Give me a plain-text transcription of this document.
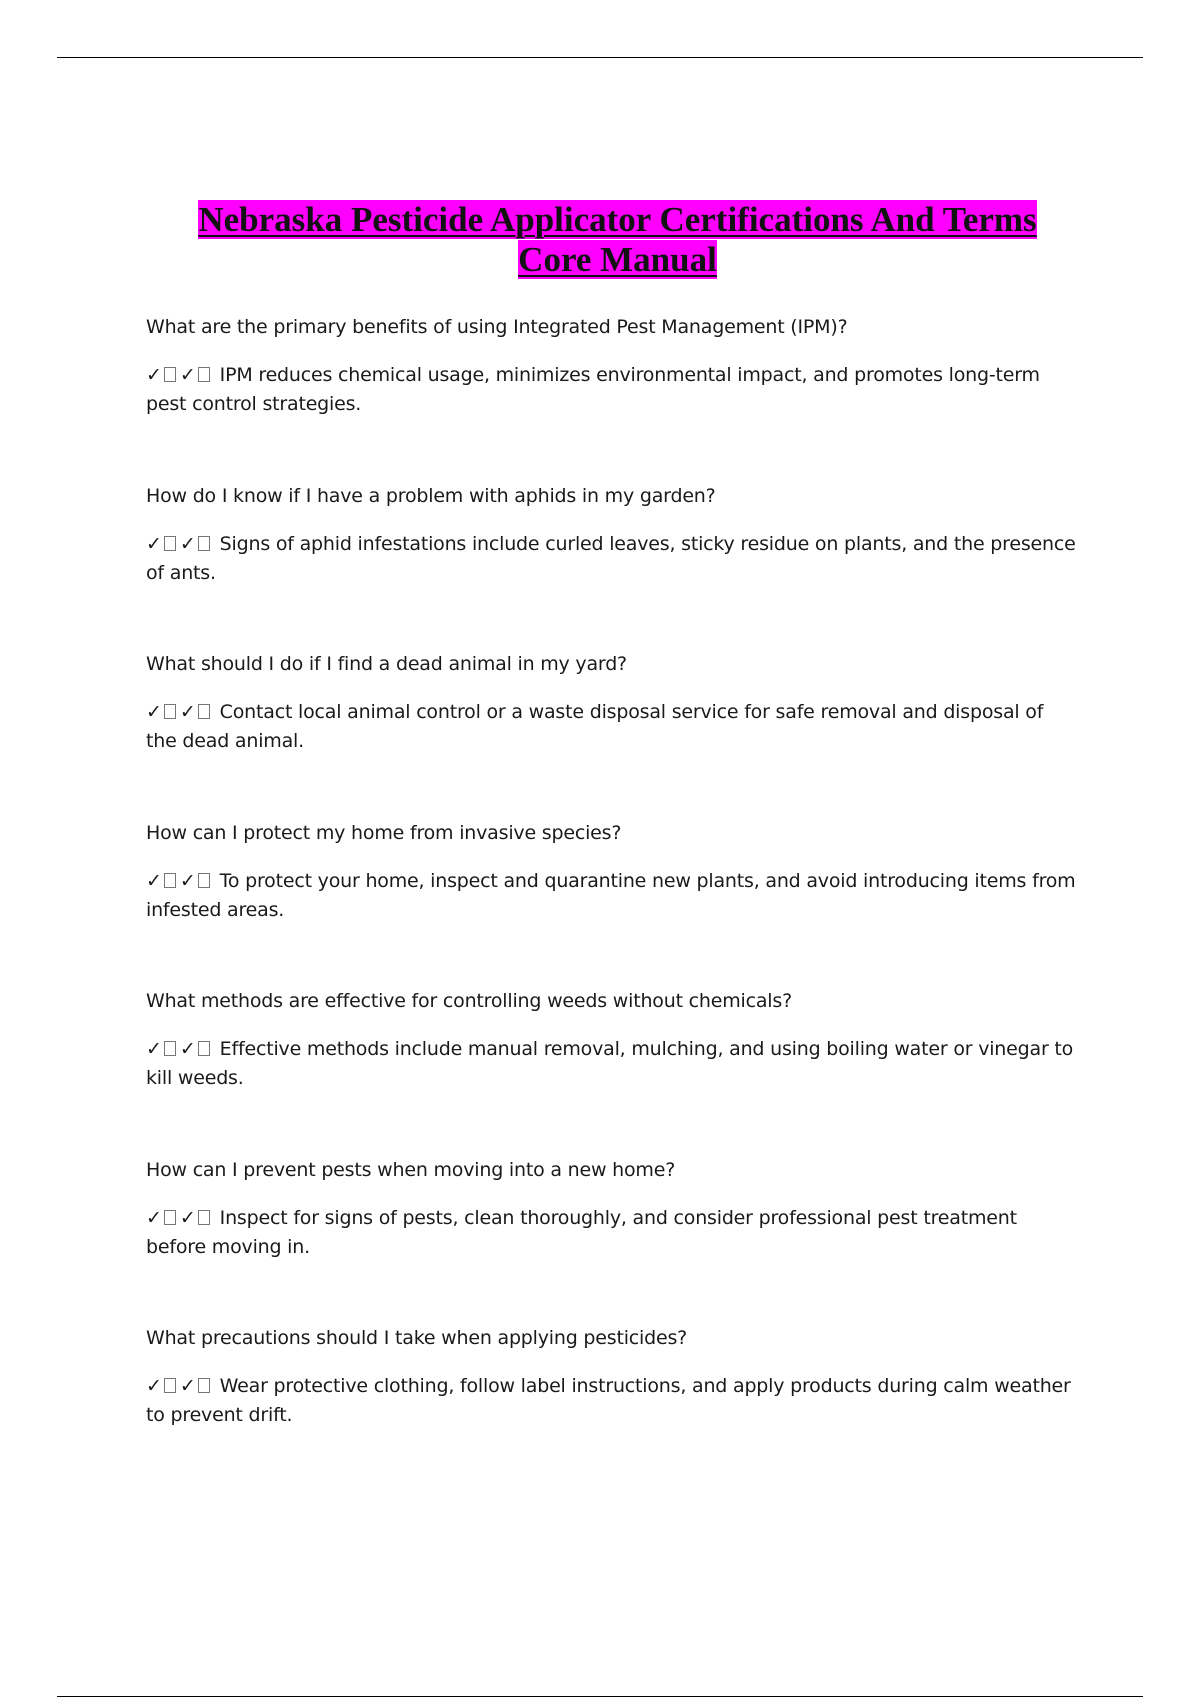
Nebraska Pesticide Applicator Certifications And Terms
Core Manual

What are the primary benefits of using Integrated Pest Management (IPM)?

✓ ✓ IPM reduces chemical usage, minimizes environmental impact, and promotes long-term pest control strategies.

How do I know if I have a problem with aphids in my garden?

✓ ✓ Signs of aphid infestations include curled leaves, sticky residue on plants, and the presence of ants.

What should I do if I find a dead animal in my yard?

✓ ✓ Contact local animal control or a waste disposal service for safe removal and disposal of the dead animal.

How can I protect my home from invasive species?

✓ ✓ To protect your home, inspect and quarantine new plants, and avoid introducing items from infested areas.

What methods are effective for controlling weeds without chemicals?

✓ ✓ Effective methods include manual removal, mulching, and using boiling water or vinegar to kill weeds.

How can I prevent pests when moving into a new home?

✓ ✓ Inspect for signs of pests, clean thoroughly, and consider professional pest treatment before moving in.

What precautions should I take when applying pesticides?

✓ ✓ Wear protective clothing, follow label instructions, and apply products during calm weather to prevent drift.
